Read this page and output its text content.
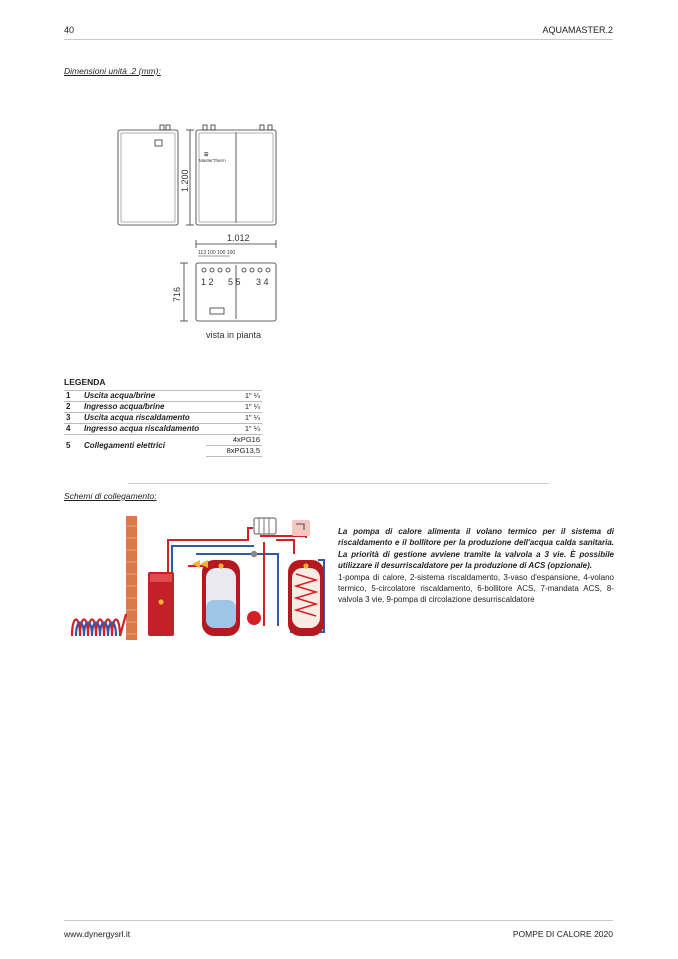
40	AQUAMASTER.2
Dimensioni unità .2 (mm):
☰
MasterTherm
1.200
1.012
113 100 100 100
716
1 2 5 5 3 4
vista in pianta
LEGENDA
1	Uscita acqua/brine	1" ¼
2	Ingresso acqua/brine	1" ¼
3	Uscita acqua riscaldamento	1" ¼
4	Ingresso acqua riscaldamento	1" ¼
5	Collegamenti elettrici	4xPG16
		8xPG13,5
Schemi di collegamento:
La pompa di calore alimenta il volano termico per il sistema di riscaldamento e il bollitore per la produzione dell'acqua calda sanitaria. La priorità di gestione avviene tramite la valvola a 3 vie. È possibile utilizzare il desurriscaldatore per la produzione di ACS (opzionale).
1-pompa di calore, 2-sistema riscaldamento, 3-vaso d'espansione, 4-volano termico, 5-circolatore riscaldamento, 6-bollitore ACS, 7-mandata ACS, 8-valvola 3 vie, 9-pompa di circolazione desurriscaldatore
www.dynergysrl.it	POMPE DI CALORE 2020
